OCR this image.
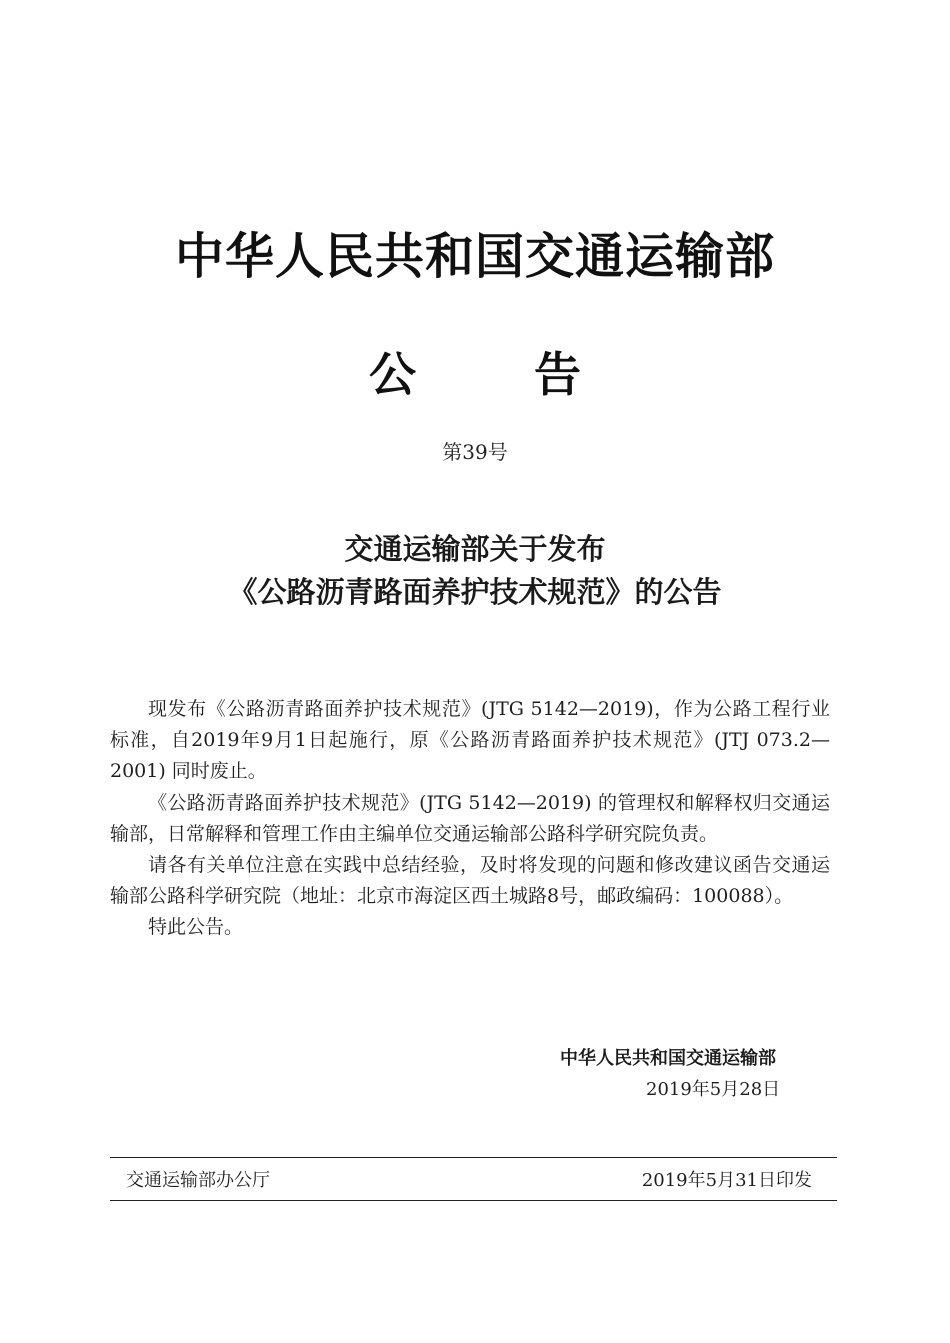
中华人民共和国交通运输部
公	告
第39号
交通运输部关于发布
《公路沥青路面养护技术规范》的公告

现发布《公路沥青路面养护技术规范》(JTG 5142—2019)，作为公路工程行业标准，自2019年9月1日起施行，原《公路沥青路面养护技术规范》(JTJ 073.2—2001) 同时废止。

《公路沥青路面养护技术规范》(JTG 5142—2019) 的管理权和解释权归交通运输部，日常解释和管理工作由主编单位交通运输部公路科学研究院负责。

请各有关单位注意在实践中总结经验，及时将发现的问题和修改建议函告交通运输部公路科学研究院（地址：北京市海淀区西土城路8号，邮政编码：100088）。

特此公告。

中华人民共和国交通运输部
2019年5月28日
交通运输部办公厅	2019年5月31日印发
